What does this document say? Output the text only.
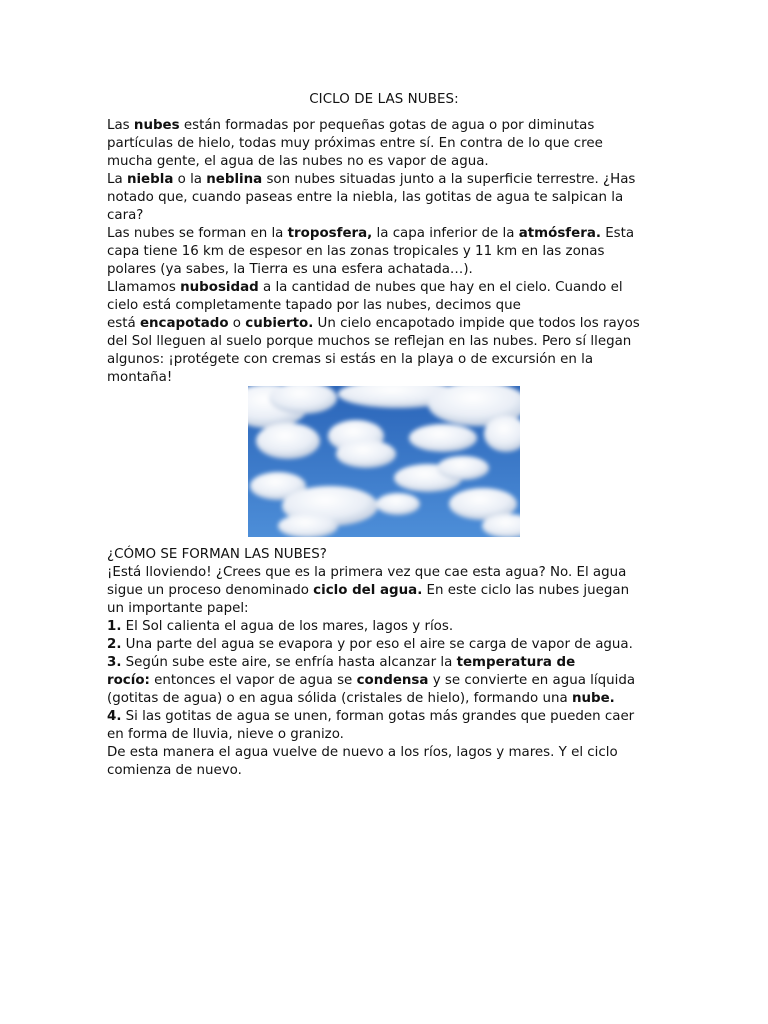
CICLO DE LAS NUBES:
Las nubes están formadas por pequeñas gotas de agua o por diminutas
partículas de hielo, todas muy próximas entre sí. En contra de lo que cree
mucha gente, el agua de las nubes no es vapor de agua.
La niebla o la neblina son nubes situadas junto a la superficie terrestre. ¿Has
notado que, cuando paseas entre la niebla, las gotitas de agua te salpican la
cara?
Las nubes se forman en la troposfera, la capa inferior de la atmósfera. Esta
capa tiene 16 km de espesor en las zonas tropicales y 11 km en las zonas
polares (ya sabes, la Tierra es una esfera achatada…).
Llamamos nubosidad a la cantidad de nubes que hay en el cielo. Cuando el
cielo está completamente tapado por las nubes, decimos que
está encapotado o cubierto. Un cielo encapotado impide que todos los rayos
del Sol lleguen al suelo porque muchos se reflejan en las nubes. Pero sí llegan
algunos: ¡protégete con cremas si estás en la playa o de excursión en la
montaña!
¿CÓMO SE FORMAN LAS NUBES?
¡Está lloviendo! ¿Crees que es la primera vez que cae esta agua? No. El agua
sigue un proceso denominado ciclo del agua. En este ciclo las nubes juegan
un importante papel:
1. El Sol calienta el agua de los mares, lagos y ríos.
2. Una parte del agua se evapora y por eso el aire se carga de vapor de agua.
3. Según sube este aire, se enfría hasta alcanzar la temperatura de
rocío: entonces el vapor de agua se condensa y se convierte en agua líquida
(gotitas de agua) o en agua sólida (cristales de hielo), formando una nube.
4. Si las gotitas de agua se unen, forman gotas más grandes que pueden caer
en forma de lluvia, nieve o granizo.
De esta manera el agua vuelve de nuevo a los ríos, lagos y mares. Y el ciclo
comienza de nuevo.
